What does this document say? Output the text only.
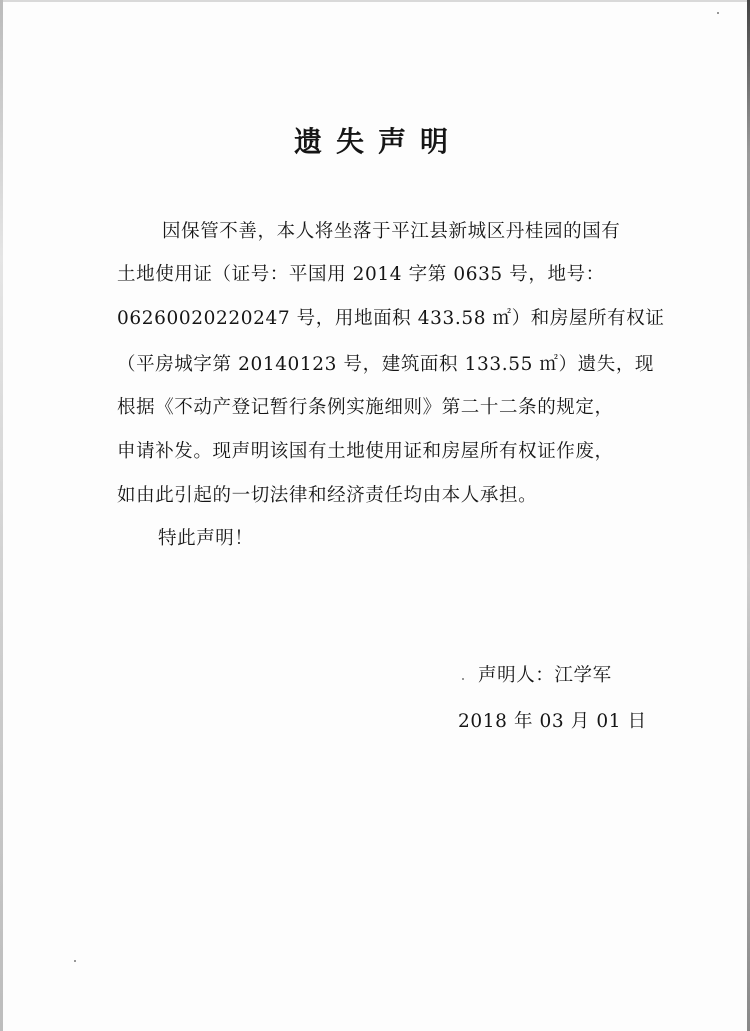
遗失声明
因保管不善，本人将坐落于平江县新城区丹桂园的国有
土地使用证（证号：平国用 2014 字第 0635 号，地号：
06260020220247 号，用地面积 433.58 ㎡）和房屋所有权证
（平房城字第 20140123 号，建筑面积 133.55 ㎡）遗失，现
根据《不动产登记暂行条例实施细则》第二十二条的规定，
申请补发。现声明该国有土地使用证和房屋所有权证作废，
如由此引起的一切法律和经济责任均由本人承担。
特此声明！
声明人：江学军
2018 年 03 月 01 日
